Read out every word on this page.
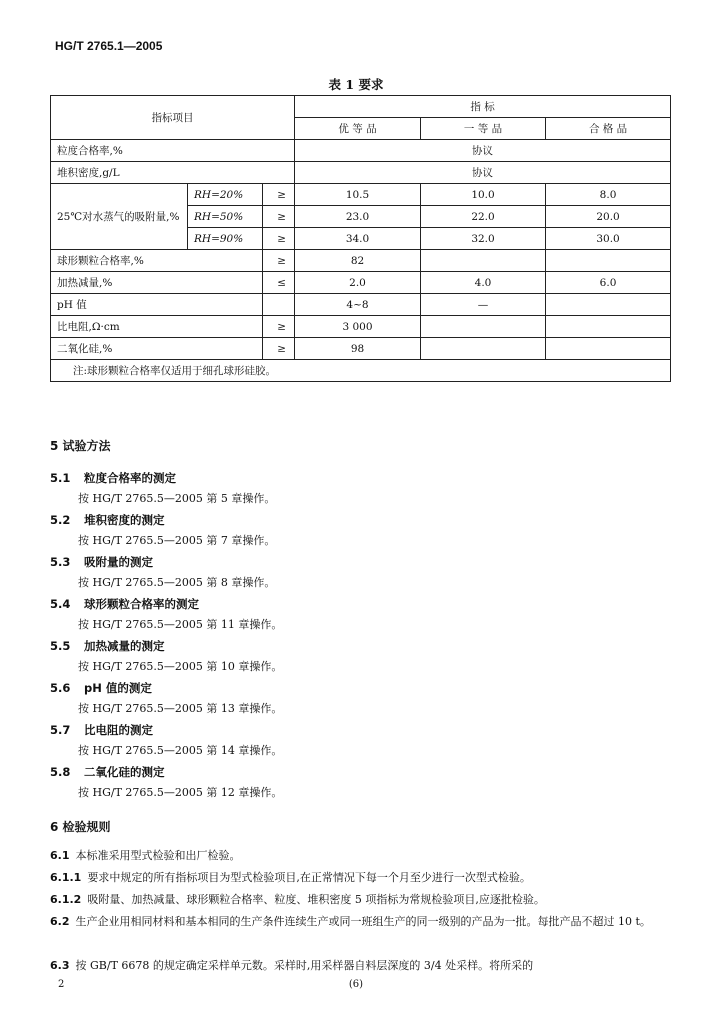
HG/T 2765.1—2005
表 1 要求
指标项目			指 标		
			优 等 品	一 等 品	合 格 品
粒度合格率,%			协议		
堆积密度,g/L			协议		
25℃对水蒸气的吸附量,%	RH=20%	≥	10.5	10.0	8.0
	RH=50%	≥	23.0	22.0	20.0
	RH=90%	≥	34.0	32.0	30.0
球形颗粒合格率,%		≥	82		
加热减量,%		≤	2.0	4.0	6.0
pH 值			4~8	—	
比电阻,Ω·cm		≥	3 000		
二氧化硅,%		≥	98		
注:球形颗粒合格率仅适用于细孔球形硅胶。					
5 试验方法
5.1 粒度合格率的测定
按 HG/T 2765.5—2005 第 5 章操作。
5.2 堆积密度的测定
按 HG/T 2765.5—2005 第 7 章操作。
5.3 吸附量的测定
按 HG/T 2765.5—2005 第 8 章操作。
5.4 球形颗粒合格率的测定
按 HG/T 2765.5—2005 第 11 章操作。
5.5 加热减量的测定
按 HG/T 2765.5—2005 第 10 章操作。
5.6 pH 值的测定
按 HG/T 2765.5—2005 第 13 章操作。
5.7 比电阻的测定
按 HG/T 2765.5—2005 第 14 章操作。
5.8 二氧化硅的测定
按 HG/T 2765.5—2005 第 12 章操作。
6 检验规则
6.1 本标准采用型式检验和出厂检验。
6.1.1 要求中规定的所有指标项目为型式检验项目,在正常情况下每一个月至少进行一次型式检验。
6.1.2 吸附量、加热减量、球形颗粒合格率、粒度、堆积密度 5 项指标为常规检验项目,应逐批检验。
6.2 生产企业用相同材料和基本相同的生产条件连续生产或同一班组生产的同一级别的产品为一批。每批产品不超过 10 t。
6.3 按 GB/T 6678 的规定确定采样单元数。采样时,用采样器自料层深度的 3/4 处采样。将所采的
2	(6)
